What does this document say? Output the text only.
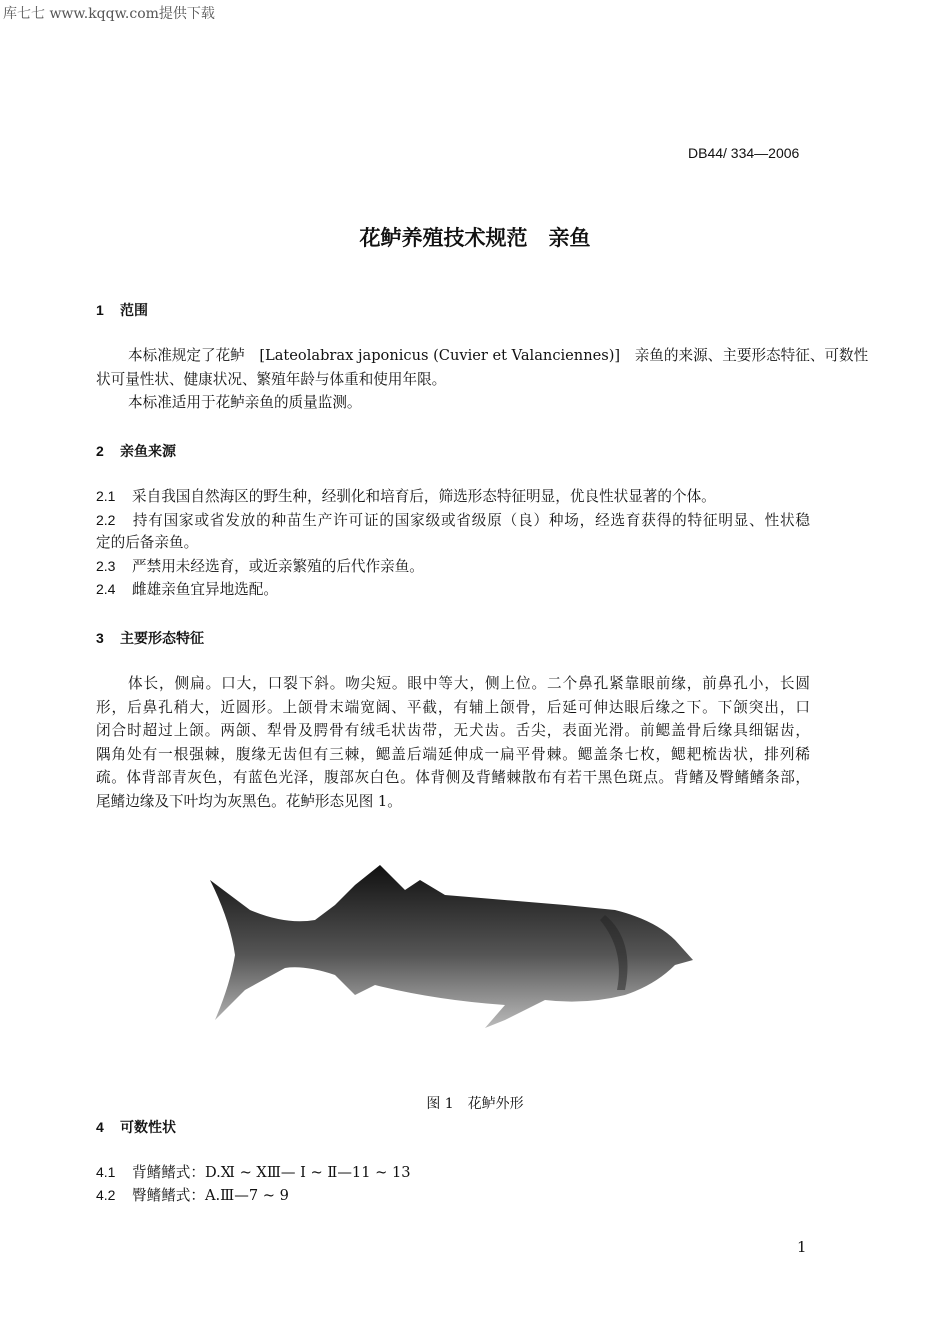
库七七 www.kqqw.com提供下载
DB44/ 334—2006
花鲈养殖技术规范　亲鱼
1 范围
本标准规定了花鲈　[Lateolabrax japonicus (Cuvier et Valanciennes)]　亲鱼的来源、主要形态特征、可数性
状可量性状、健康状况、繁殖年龄与体重和使用年限。
本标准适用于花鲈亲鱼的质量监测。
2 亲鱼来源
2.1 采自我国自然海区的野生种，经驯化和培育后，筛选形态特征明显，优良性状显著的个体。
2.2 持有国家或省发放的种苗生产许可证的国家级或省级原（良）种场，经选育获得的特征明显、性状稳
定的后备亲鱼。
2.3 严禁用未经选育，或近亲繁殖的后代作亲鱼。
2.4 雌雄亲鱼宜异地选配。
3 主要形态特征
体长，侧扁。口大，口裂下斜。吻尖短。眼中等大，侧上位。二个鼻孔紧靠眼前缘，前鼻孔小，长圆
形，后鼻孔稍大，近圆形。上颌骨末端宽阔、平截，有辅上颌骨，后延可伸达眼后缘之下。下颌突出，口
闭合时超过上颌。两颌、犁骨及腭骨有绒毛状齿带，无犬齿。舌尖，表面光滑。前鳃盖骨后缘具细锯齿，
隅角处有一根强棘，腹缘无齿但有三棘，鳃盖后端延伸成一扁平骨棘。鳃盖条七枚，鳃耙梳齿状，排列稀
疏。体背部青灰色，有蓝色光泽，腹部灰白色。体背侧及背鳍棘散布有若干黑色斑点。背鳍及臀鳍鳍条部，
尾鳍边缘及下叶均为灰黑色。花鲈形态见图 1。
图 1　花鲈外形
4 可数性状
4.1 背鳍鳍式：D.Ⅺ ~ ⅩⅢ— Ⅰ ~ Ⅱ—11 ~ 13
4.2 臀鳍鳍式：A.Ⅲ—7 ~ 9
1
